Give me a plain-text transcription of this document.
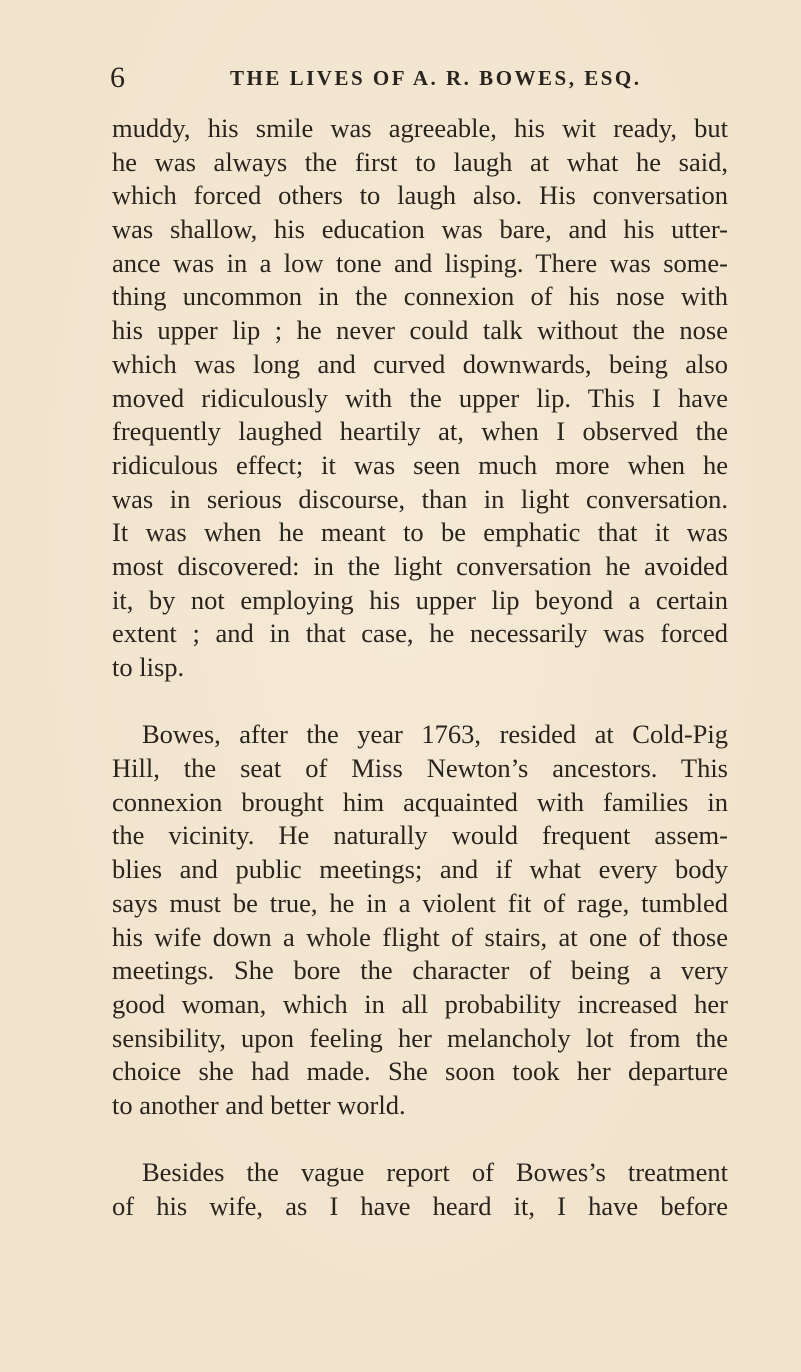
6	THE LIVES OF A. R. BOWES, ESQ.
muddy, his smile was agreeable, his wit ready, but
he was always the first to laugh at what he said,
which forced others to laugh also. His conversation
was shallow, his education was bare, and his utter-
ance was in a low tone and lisping. There was some-
thing uncommon in the connexion of his nose with
his upper lip ; he never could talk without the nose
which was long and curved downwards, being also
moved ridiculously with the upper lip. This I have
frequently laughed heartily at, when I observed the
ridiculous effect; it was seen much more when he
was in serious discourse, than in light conversation.
It was when he meant to be emphatic that it was
most discovered: in the light conversation he avoided
it, by not employing his upper lip beyond a certain
extent ; and in that case, he necessarily was forced
to lisp.
Bowes, after the year 1763, resided at Cold-Pig
Hill, the seat of Miss Newton’s ancestors. This
connexion brought him acquainted with families in
the vicinity. He naturally would frequent assem-
blies and public meetings; and if what every body
says must be true, he in a violent fit of rage, tumbled
his wife down a whole flight of stairs, at one of those
meetings. She bore the character of being a very
good woman, which in all probability increased her
sensibility, upon feeling her melancholy lot from the
choice she had made. She soon took her departure
to another and better world.
Besides the vague report of Bowes’s treatment
of his wife, as I have heard it, I have before
